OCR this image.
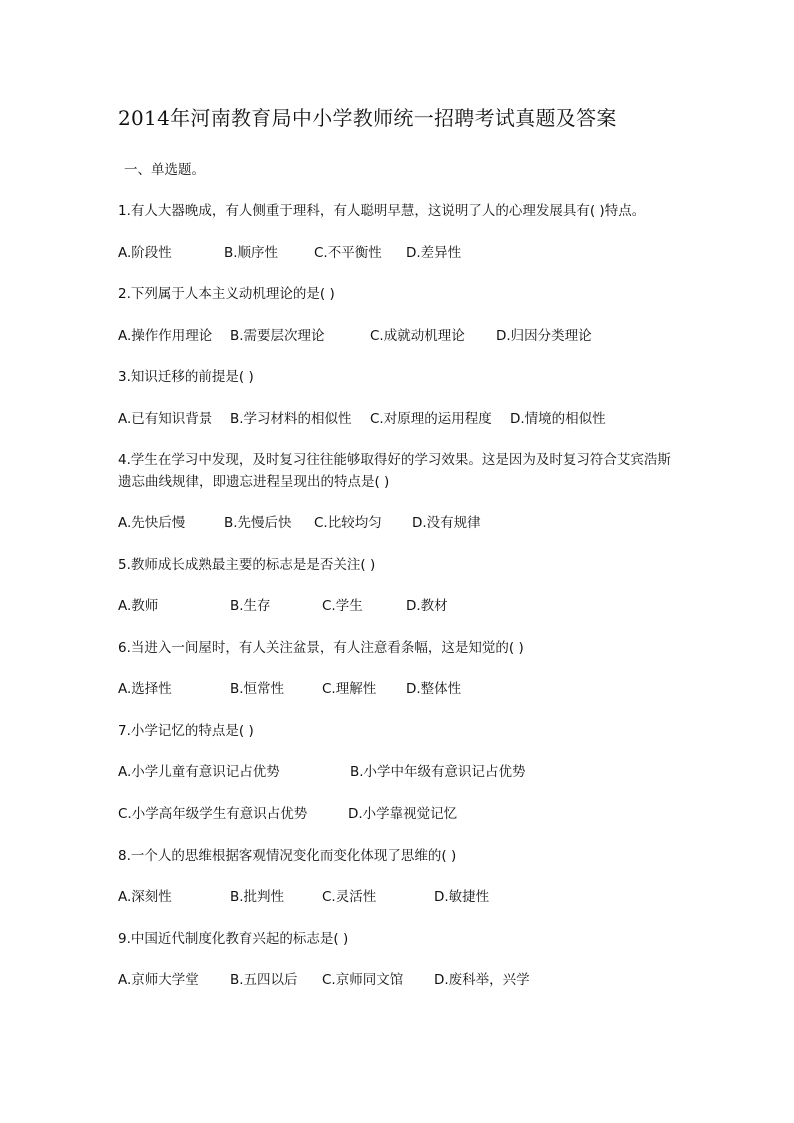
2014年河南教育局中小学教师统一招聘考试真题及答案
一、单选题。
1.有人大器晚成，有人侧重于理科，有人聪明早慧，这说明了人的心理发展具有( )特点。
A.阶段性	B.顺序性	C.不平衡性 D.差异性
2.下列属于人本主义动机理论的是( )
A.操作作用理论 B.需要层次理论	C.成就动机理论 D.归因分类理论
3.知识迁移的前提是( )
A.已有知识背景 B.学习材料的相似性 C.对原理的运用程度 D.情境的相似性
4.学生在学习中发现，及时复习往往能够取得好的学习效果。这是因为及时复习符合艾宾浩斯遗忘曲线规律，即遗忘进程呈现出的特点是( )
A.先快后慢	B.先慢后快 C.比较均匀 D.没有规律
5.教师成长成熟最主要的标志是是否关注( )
A.教师	B.生存	C.学生	D.教材
6.当进入一间屋时，有人关注盆景，有人注意看条幅，这是知觉的( )
A.选择性	B.恒常性	C.理解性 D.整体性
7.小学记忆的特点是( )
A.小学儿童有意识记占优势	B.小学中年级有意识记占优势
C.小学高年级学生有意识占优势	D.小学靠视觉记忆
8.一个人的思维根据客观情况变化而变化体现了思维的( )
A.深刻性	B.批判性	C.灵活性	D.敏捷性
9.中国近代制度化教育兴起的标志是( )
A.京师大学堂 B.五四以后 C.京师同文馆 D.废科举，兴学
